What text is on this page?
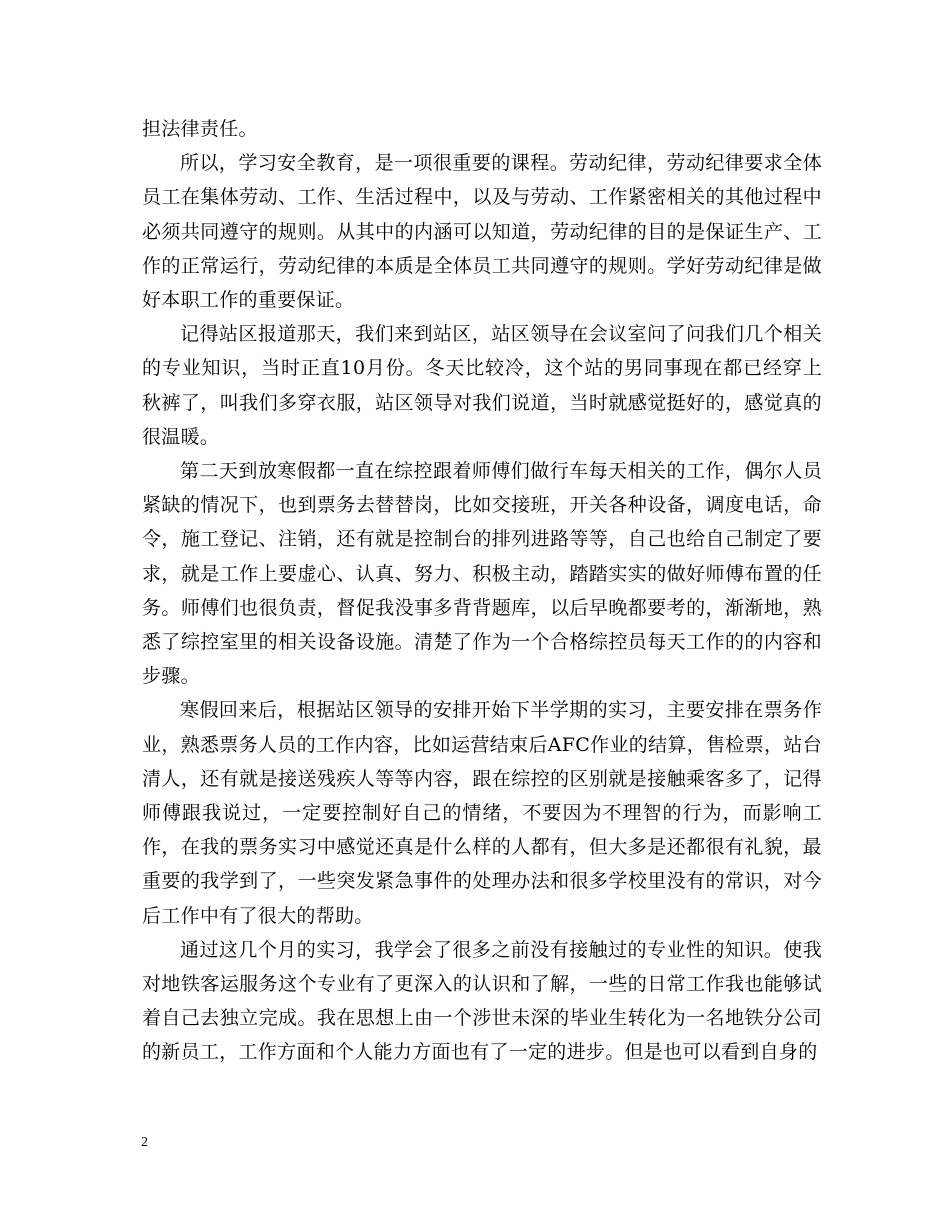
担法律责任。

所以，学习安全教育，是一项很重要的课程。劳动纪律，劳动纪律要求全体员工在集体劳动、工作、生活过程中，以及与劳动、工作紧密相关的其他过程中必须共同遵守的规则。从其中的内涵可以知道，劳动纪律的目的是保证生产、工作的正常运行，劳动纪律的本质是全体员工共同遵守的规则。学好劳动纪律是做好本职工作的重要保证。

记得站区报道那天，我们来到站区，站区领导在会议室问了问我们几个相关的专业知识，当时正直10月份。冬天比较冷，这个站的男同事现在都已经穿上秋裤了，叫我们多穿衣服，站区领导对我们说道，当时就感觉挺好的，感觉真的很温暖。

第二天到放寒假都一直在综控跟着师傅们做行车每天相关的工作，偶尔人员紧缺的情况下，也到票务去替替岗，比如交接班，开关各种设备，调度电话，命令，施工登记、注销，还有就是控制台的排列进路等等，自己也给自己制定了要求，就是工作上要虚心、认真、努力、积极主动，踏踏实实的做好师傅布置的任务。师傅们也很负责，督促我没事多背背题库，以后早晚都要考的，渐渐地，熟悉了综控室里的相关设备设施。清楚了作为一个合格综控员每天工作的的内容和步骤。

寒假回来后，根据站区领导的安排开始下半学期的实习，主要安排在票务作业，熟悉票务人员的工作内容，比如运营结束后AFC作业的结算，售检票，站台清人，还有就是接送残疾人等等内容，跟在综控的区别就是接触乘客多了，记得师傅跟我说过，一定要控制好自己的情绪，不要因为不理智的行为，而影响工作，在我的票务实习中感觉还真是什么样的人都有，但大多是还都很有礼貌，最重要的我学到了，一些突发紧急事件的处理办法和很多学校里没有的常识，对今后工作中有了很大的帮助。

通过这几个月的实习，我学会了很多之前没有接触过的专业性的知识。使我对地铁客运服务这个专业有了更深入的认识和了解，一些的日常工作我也能够试着自己去独立完成。我在思想上由一个涉世未深的毕业生转化为一名地铁分公司的新员工，工作方面和个人能力方面也有了一定的进步。但是也可以看到自身的

2
